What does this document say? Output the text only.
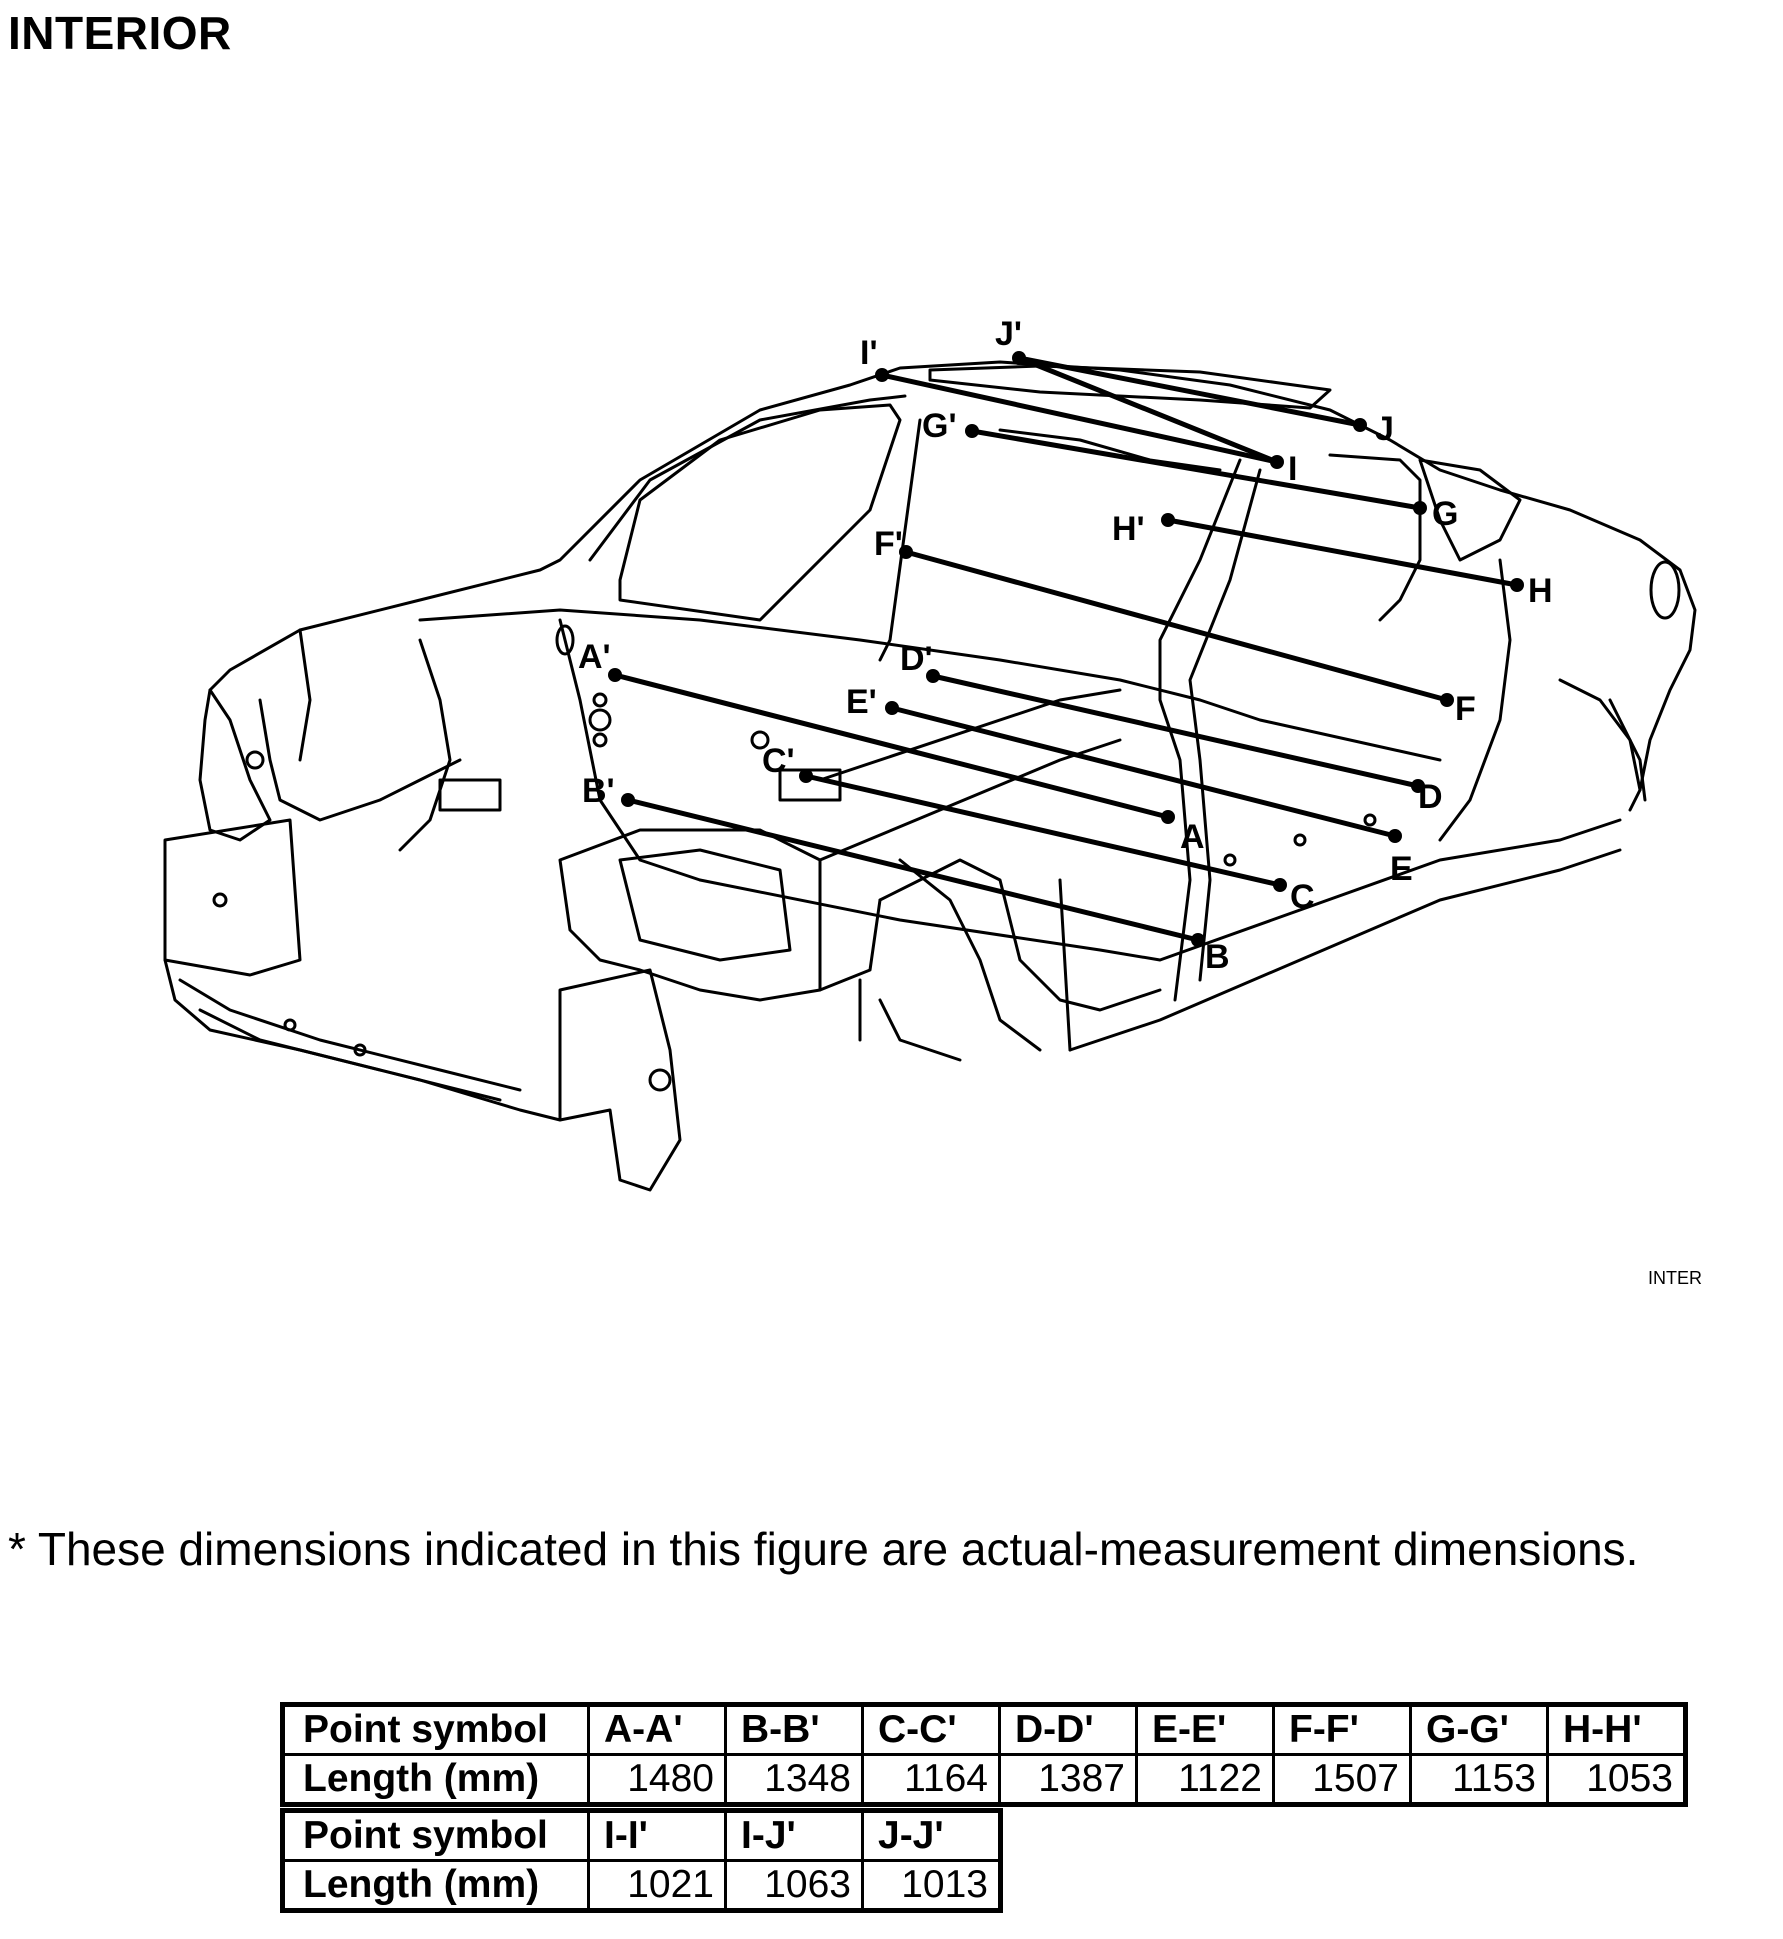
INTERIOR
A'
A
B'
B
C'
C
D'
D
E'
E
F'
F
G'
G
H'
H
I'
I
J'
J
INTER
* These dimensions indicated in this figure are actual-measurement dimensions.
Point symbol	A-A'	B-B'	C-C'	D-D'	E-E'	F-F'	G-G'	H-H'
Length (mm)	1480	1348	1164	1387	1122	1507	1153	1053
Point symbol	I-I'	I-J'	J-J'
Length (mm)	1021	1063	1013
